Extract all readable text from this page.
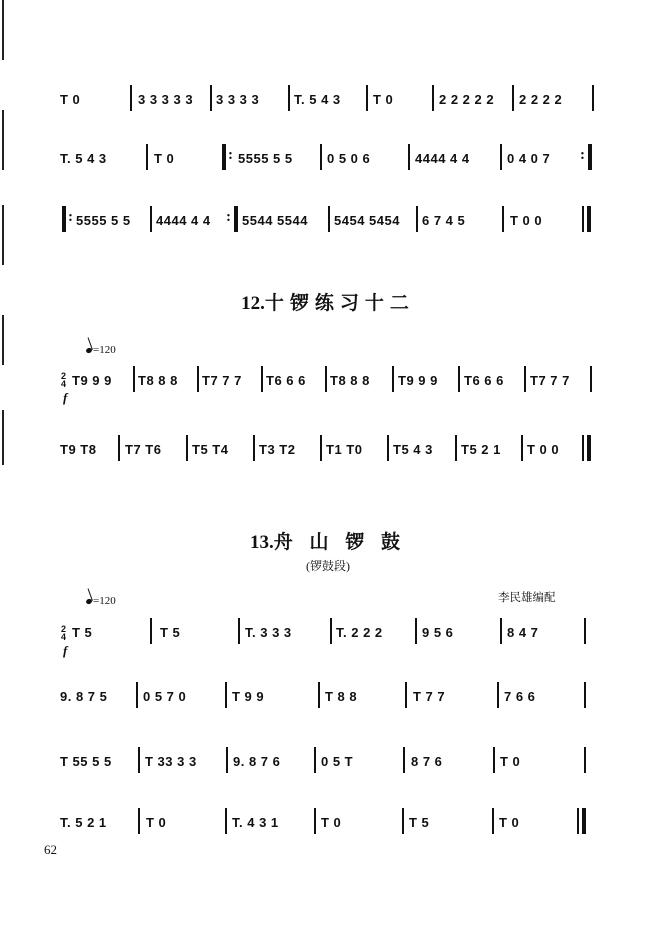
T 0	3 3 3 3 3 3 3 3 3	T. 5 4 3 T 0	2 2 2 2 2 2 2 2 2
T. 5 4 3	T 0 :	5555 5 5	0 5 0 6	4444 4 4	0 4 0 7
:
:
5555 5 5 4444 4 4 : 5544 5544 5454 5454 6 7 4 5	T 0 0
12.十锣练习十二
=120
2
4
f
T9 9 9 T8 8 8 T7 7 7 T6 6 6 T8 8 8 T9 9 9 T6 6 6 T7 7 7
T9 T8 T7 T6 T5 T4 T3 T2 T1 T0 T5 4 3 T5 2 1 T 0 0
13.舟 山 锣 鼓
(锣鼓段)
李民雄编配
=120
2
4
f
T 5	T 5	T. 3 3 3	T. 2 2 2	9 5 6	8 4 7
9. 8 7 5	0 5 7 0	T 9 9	T 8 8	T 7 7	7 6 6
T 55 5 5	T 33 3 3	9. 8 7 6	0 5 T	8 7 6	T 0
T. 5 2 1	T 0	T. 4 3 1	T 0	T 5	T 0
62
